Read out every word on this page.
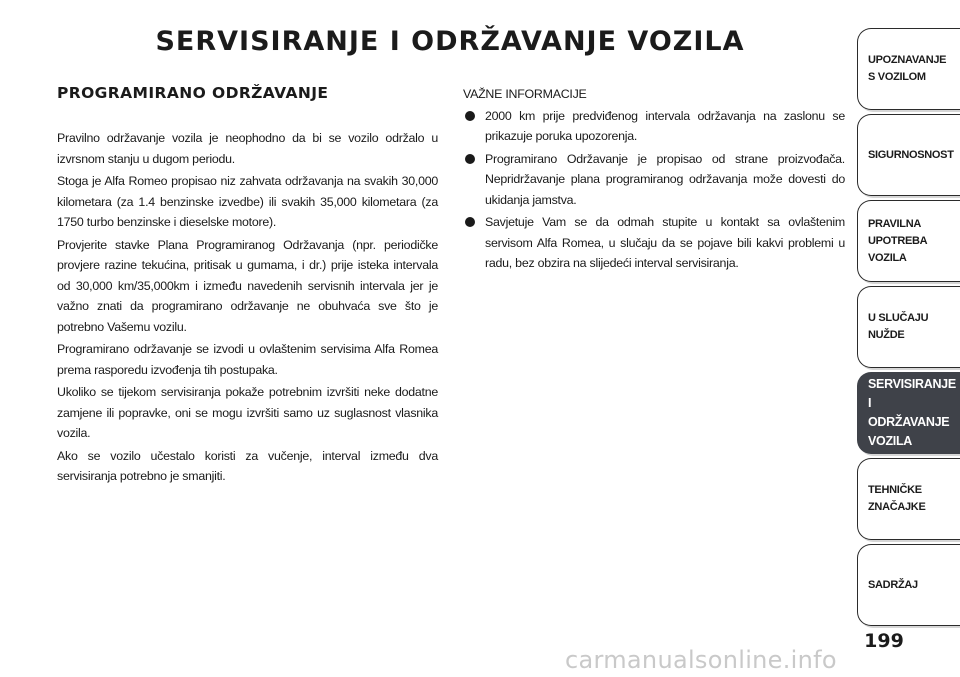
SERVISIRANJE I ODRŽAVANJE VOZILA
PROGRAMIRANO ODRŽAVANJE

Pravilno održavanje vozila je neophodno da bi se vozilo održalo u izvrsnom stanju u dugom periodu.

Stoga je Alfa Romeo propisao niz zahvata održavanja na svakih 30,000 kilometara (za 1.4 benzinske izvedbe) ili svakih 35,000 kilometara (za 1750 turbo benzinske i dieselske motore).

Provjerite stavke Plana Programiranog Održavanja (npr. periodičke provjere razine tekućina, pritisak u gumama, i dr.) prije isteka intervala od 30,000 km/35,000km i između navedenih servisnih intervala jer je važno znati da programirano održavanje ne obuhvaća sve što je potrebno Vašemu vozilu.

Programirano održavanje se izvodi u ovlaštenim servisima Alfa Romea prema rasporedu izvođenja tih postupaka.

Ukoliko se tijekom servisiranja pokaže potrebnim izvršiti neke dodatne zamjene ili popravke, oni se mogu izvršiti samo uz suglasnost vlasnika vozila.

Ako se vozilo učestalo koristi za vučenje, interval između dva servisiranja potrebno je smanjiti.

VAŽNE INFORMACIJE

2000 km prije predviđenog intervala održavanja na zaslonu se prikazuje poruka upozorenja.
Programirano Održavanje je propisao od strane proizvođača. Nepridržavanje plana programiranog održavanja može dovesti do ukidanja jamstva.
Savjetuje Vam se da odmah stupite u kontakt sa ovlaštenim servisom Alfa Romea, u slučaju da se pojave bili kakvi problemi u radu, bez obzira na slijedeći interval servisiranja.
UPOZNAVANJE
S VOZILOM
SIGURNOSNOST
PRAVILNA
UPOTREBA
VOZILA
U SLUČAJU
NUŽDE
SERVISIRANJE I
ODRŽAVANJE
VOZILA
TEHNIČKE
ZNAČAJKE
SADRŽAJ
199
carmanualsonline.info
